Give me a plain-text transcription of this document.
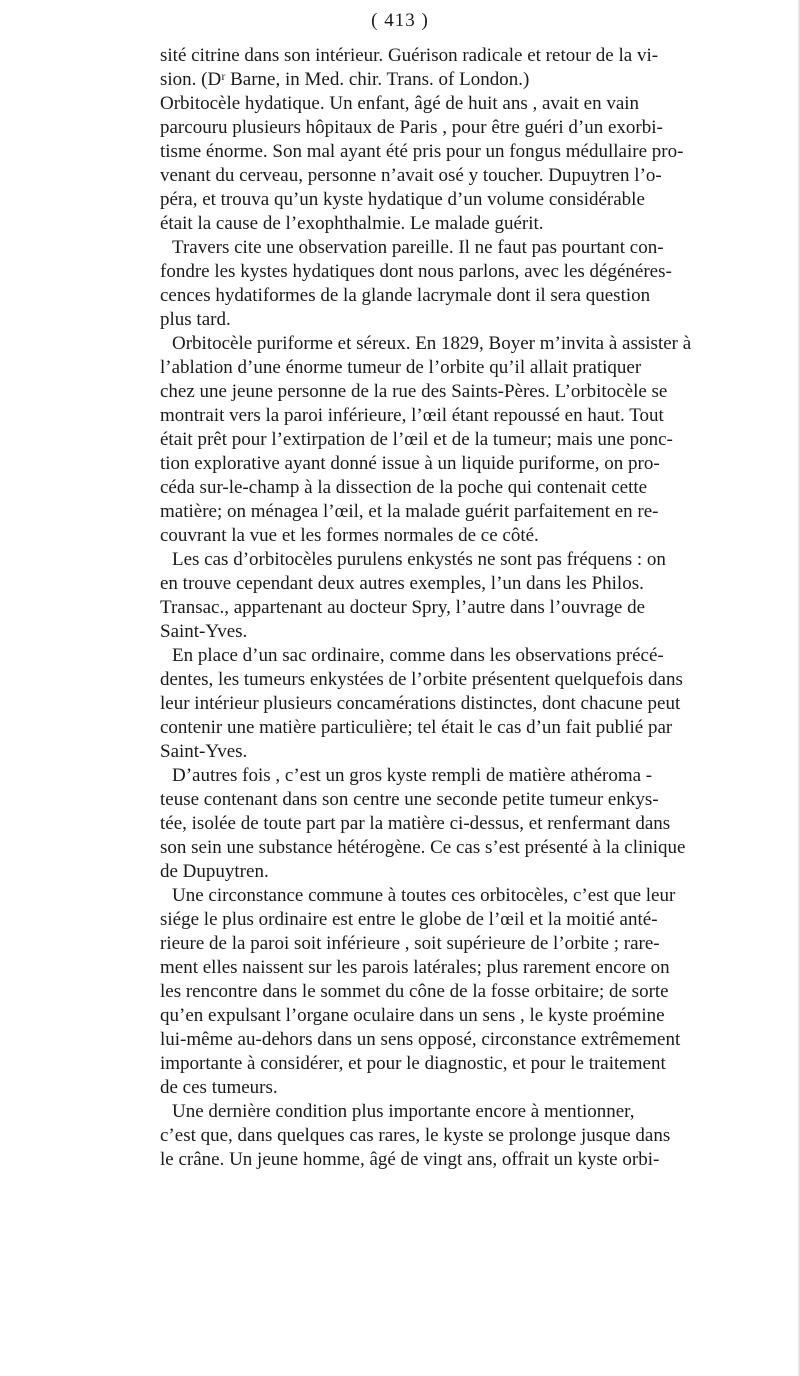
( 413 )
sité citrine dans son intérieur. Guérison radicale et retour de la vi-
sion. (Dʳ Barne, in Med. chir. Trans. of London.)
Orbitocèle hydatique. Un enfant, âgé de huit ans , avait en vain
parcouru plusieurs hôpitaux de Paris , pour être guéri d’un exorbi-
tisme énorme. Son mal ayant été pris pour un fongus médullaire pro-
venant du cerveau, personne n’avait osé y toucher. Dupuytren l’o-
péra, et trouva qu’un kyste hydatique d’un volume considérable
était la cause de l’exophthalmie. Le malade guérit.
Travers cite une observation pareille. Il ne faut pas pourtant con-
fondre les kystes hydatiques dont nous parlons, avec les dégénéres-
cences hydatiformes de la glande lacrymale dont il sera question
plus tard.
Orbitocèle puriforme et séreux. En 1829, Boyer m’invita à assister à
l’ablation d’une énorme tumeur de l’orbite qu’il allait pratiquer
chez une jeune personne de la rue des Saints-Pères. L’orbitocèle se
montrait vers la paroi inférieure, l’œil étant repoussé en haut. Tout
était prêt pour l’extirpation de l’œil et de la tumeur; mais une ponc-
tion explorative ayant donné issue à un liquide puriforme, on pro-
céda sur-le-champ à la dissection de la poche qui contenait cette
matière; on ménagea l’œil, et la malade guérit parfaitement en re-
couvrant la vue et les formes normales de ce côté.
Les cas d’orbitocèles purulens enkystés ne sont pas fréquens : on
en trouve cependant deux autres exemples, l’un dans les Philos.
Transac., appartenant au docteur Spry, l’autre dans l’ouvrage de
Saint-Yves.
En place d’un sac ordinaire, comme dans les observations précé-
dentes, les tumeurs enkystées de l’orbite présentent quelquefois dans
leur intérieur plusieurs concamérations distinctes, dont chacune peut
contenir une matière particulière; tel était le cas d’un fait publié par
Saint-Yves.
D’autres fois , c’est un gros kyste rempli de matière athéroma -
teuse contenant dans son centre une seconde petite tumeur enkys-
tée, isolée de toute part par la matière ci-dessus, et renfermant dans
son sein une substance hétérogène. Ce cas s’est présenté à la clinique
de Dupuytren.
Une circonstance commune à toutes ces orbitocèles, c’est que leur
siége le plus ordinaire est entre le globe de l’œil et la moitié anté-
rieure de la paroi soit inférieure , soit supérieure de l’orbite ; rare-
ment elles naissent sur les parois latérales; plus rarement encore on
les rencontre dans le sommet du cône de la fosse orbitaire; de sorte
qu’en expulsant l’organe oculaire dans un sens , le kyste proémine
lui-même au-dehors dans un sens opposé, circonstance extrêmement
importante à considérer, et pour le diagnostic, et pour le traitement
de ces tumeurs.
Une dernière condition plus importante encore à mentionner,
c’est que, dans quelques cas rares, le kyste se prolonge jusque dans
le crâne. Un jeune homme, âgé de vingt ans, offrait un kyste orbi-
